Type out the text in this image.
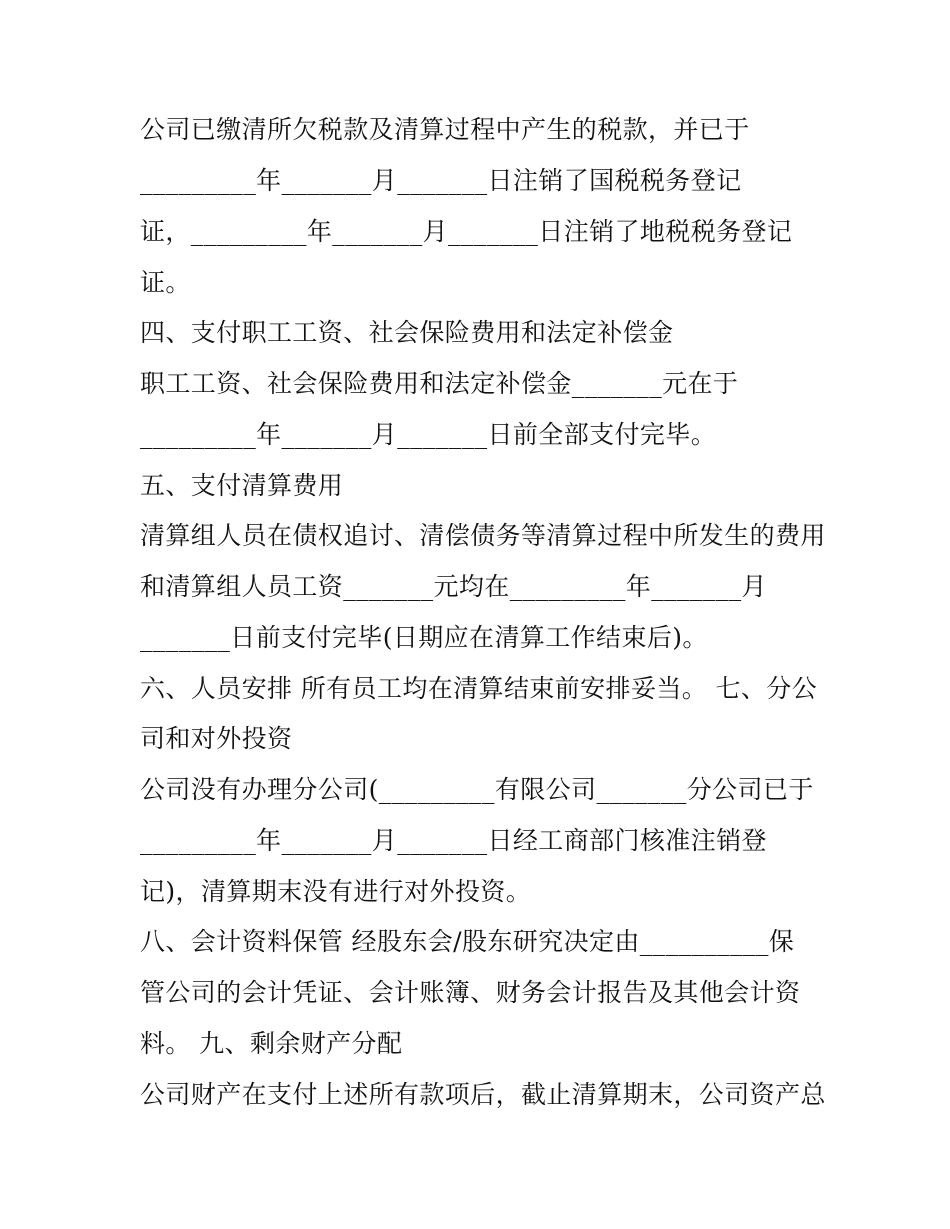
公司已缴清所欠税款及清算过程中产生的税款，并已于
_________年_______月_______日注销了国税税务登记
证，_________年_______月_______日注销了地税税务登记
证。
四、支付职工工资、社会保险费用和法定补偿金
职工工资、社会保险费用和法定补偿金_______元在于
_________年_______月_______日前全部支付完毕。
五、支付清算费用
清算组人员在债权追讨、清偿债务等清算过程中所发生的费用
和清算组人员工资_______元均在_________年_______月
_______日前支付完毕(日期应在清算工作结束后)。
六、人员安排 所有员工均在清算结束前安排妥当。 七、分公
司和对外投资
公司没有办理分公司(_________有限公司_______分公司已于
_________年_______月_______日经工商部门核准注销登
记)，清算期末没有进行对外投资。
八、会计资料保管 经股东会/股东研究决定由__________保
管公司的会计凭证、会计账簿、财务会计报告及其他会计资
料。 九、剩余财产分配
公司财产在支付上述所有款项后，截止清算期末，公司资产总
